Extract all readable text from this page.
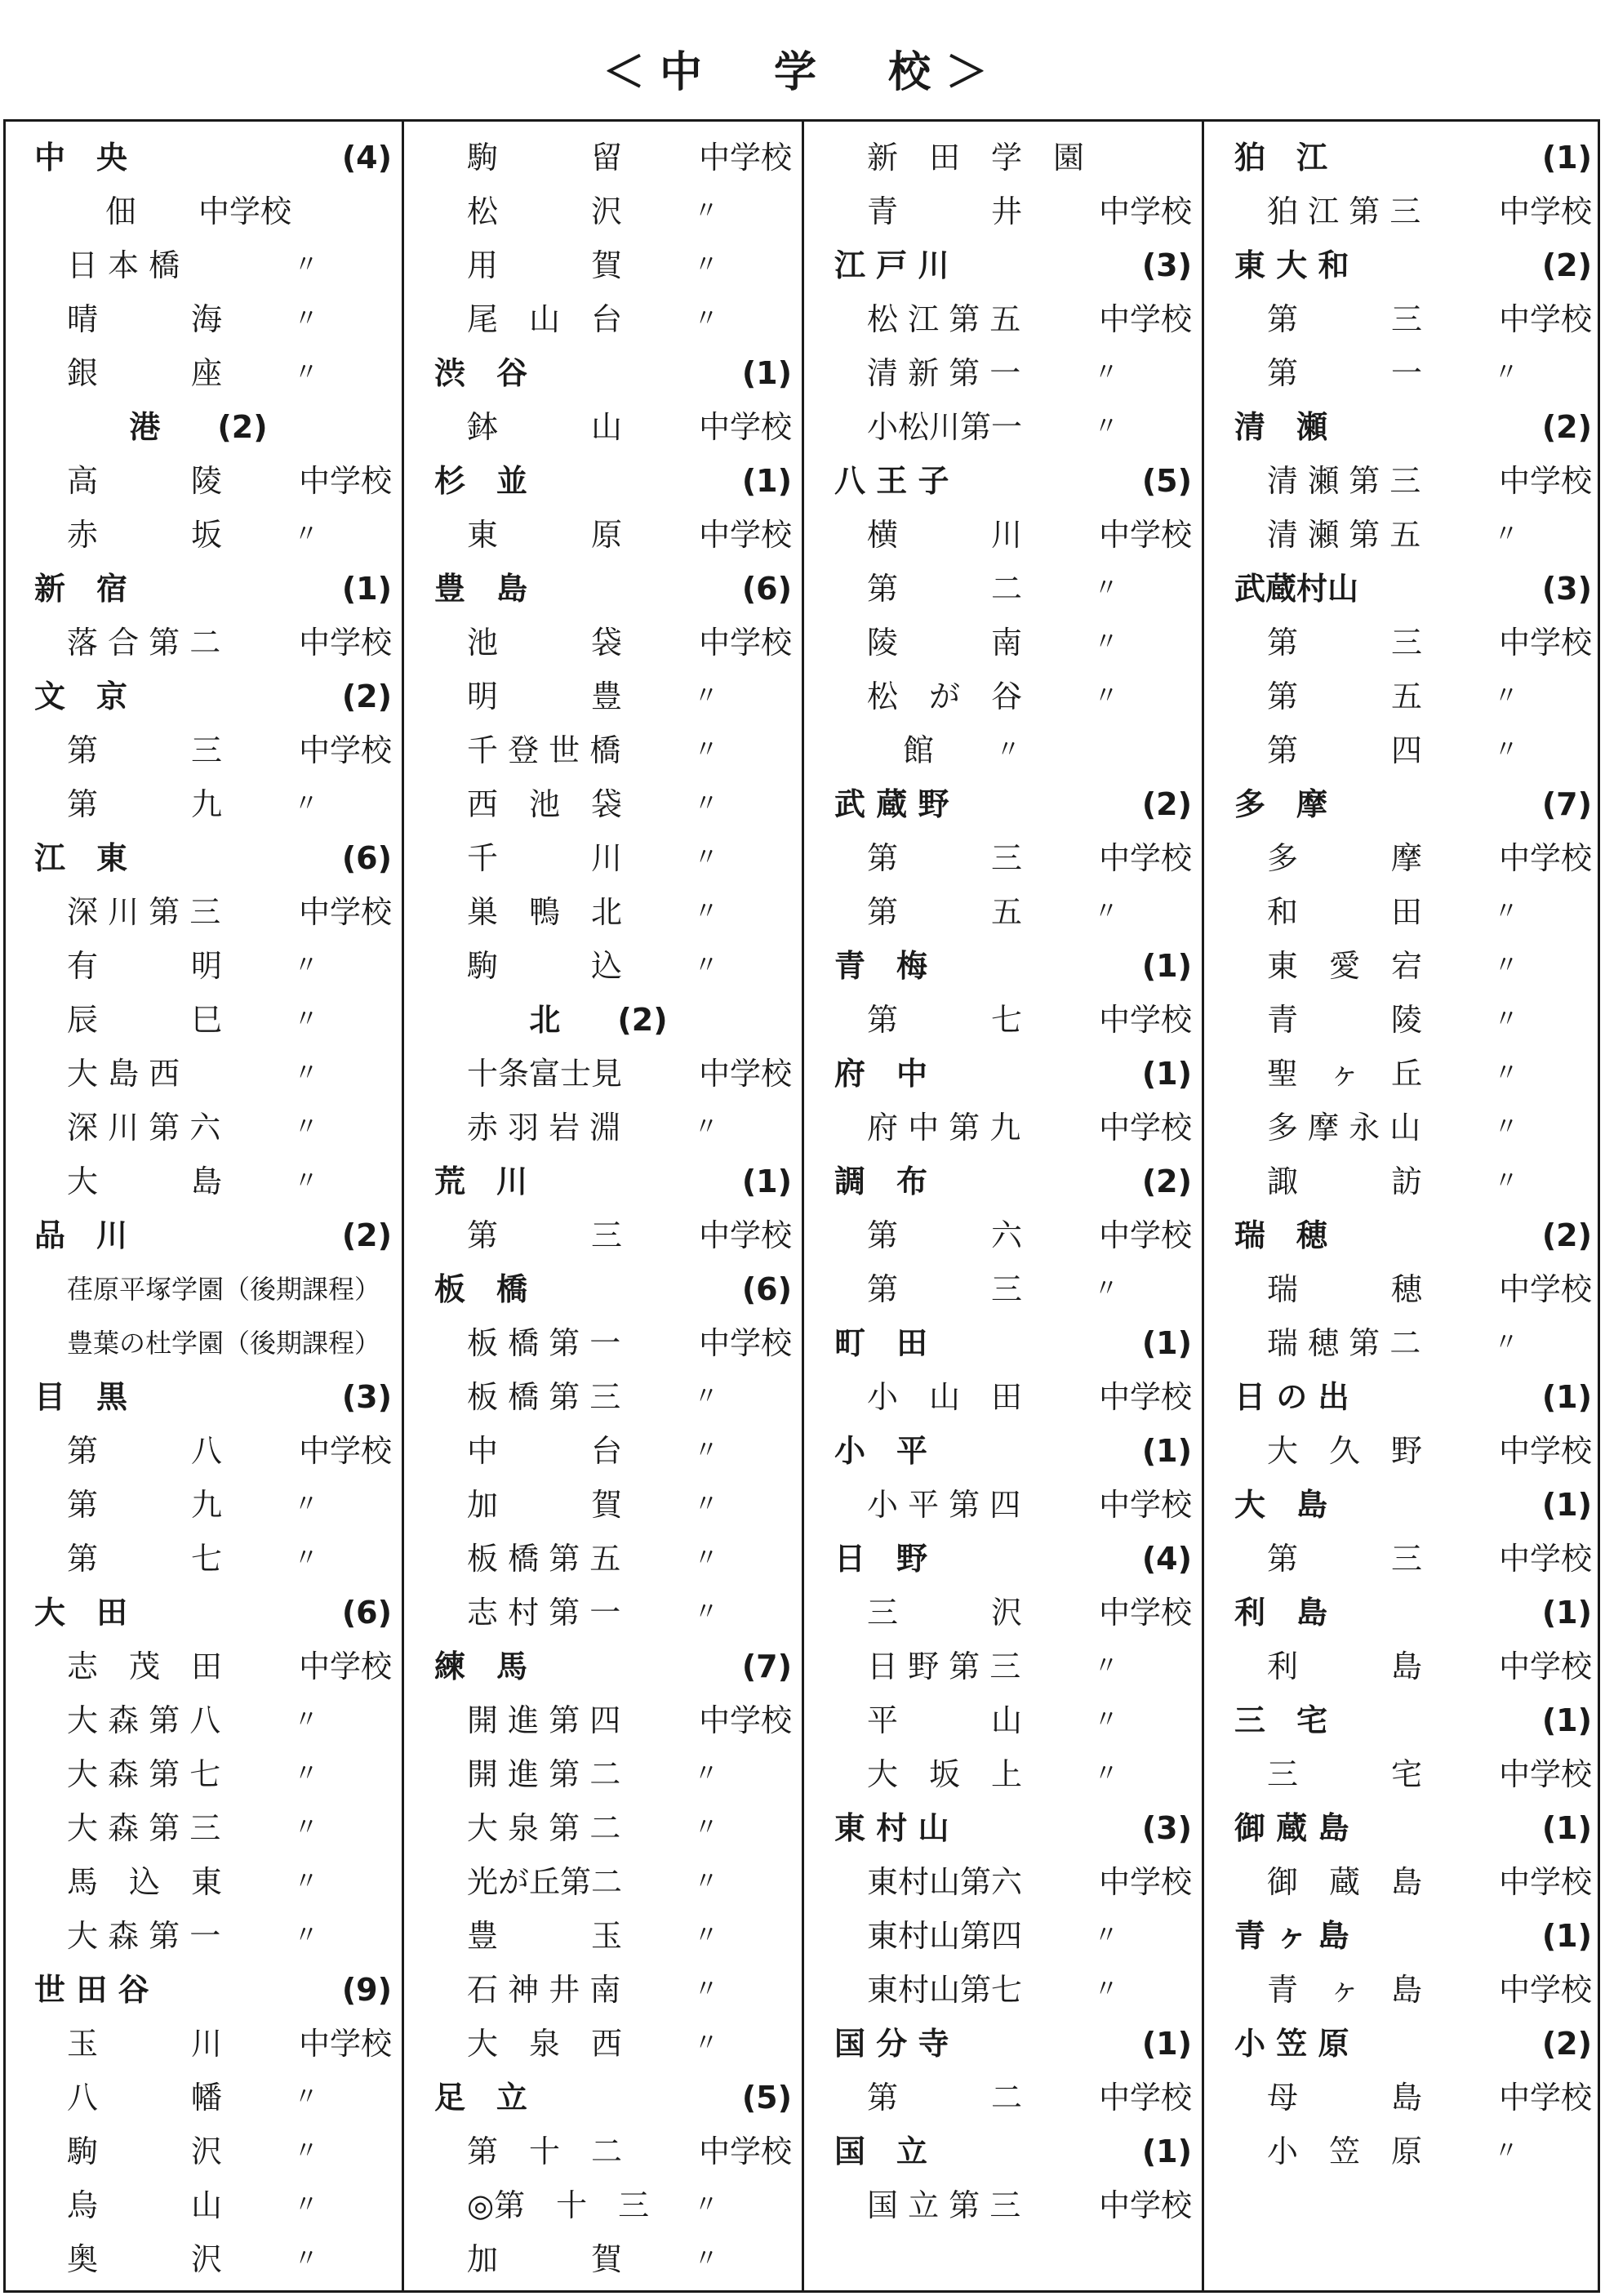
＜中　学　校＞
中　央	(4)
佃 中学校
日 本 橋	〃
晴　　　海	〃
銀　　　座	〃
港 (2)
高　　　陵	中学校
赤　　　坂	〃
新　宿	(1)
落 合 第 二	中学校
文　京	(2)
第　　　三	中学校
第　　　九	〃
江　東	(6)
深 川 第 三	中学校
有　　　明	〃
辰　　　巳	〃
大 島 西	〃
深 川 第 六	〃
大　　　島	〃
品　川	(2)
荏原平塚学園（後期課程）
豊葉の杜学園（後期課程）
目　黒	(3)
第　　　八	中学校
第　　　九	〃
第　　　七	〃
大　田	(6)
志　茂　田	中学校
大 森 第 八	〃
大 森 第 七	〃
大 森 第 三	〃
馬　込　東	〃
大 森 第 一	〃
世 田 谷	(9)
玉　　　川	中学校
八　　　幡	〃
駒　　　沢	〃
烏　　　山	〃
奥　　　沢	〃
駒　　　留	中学校
松　　　沢	〃
用　　　賀	〃
尾　山　台	〃
渋　谷	(1)
鉢　　　山	中学校
杉　並	(1)
東　　　原	中学校
豊　島	(6)
池　　　袋	中学校
明　　　豊	〃
千 登 世 橋	〃
西　池　袋	〃
千　　　川	〃
巣　鴨　北	〃
駒　　　込	〃
北 (2)
十条富士見	中学校
赤 羽 岩 淵	〃
荒　川	(1)
第　　　三	中学校
板　橋	(6)
板 橋 第 一	中学校
板 橋 第 三	〃
中　　　台	〃
加　　　賀	〃
板 橋 第 五	〃
志 村 第 一	〃
練　馬	(7)
開 進 第 四	中学校
開 進 第 二	〃
大 泉 第 二	〃
光が丘第二	〃
豊　　　玉	〃
石 神 井 南	〃
大　泉　西	〃
足　立	(5)
第　十　二	中学校
◎第　十　三	〃
加　　　賀	〃
新　田　学　園
青　　　井	中学校
江 戸 川	(3)
松 江 第 五	中学校
清 新 第 一	〃
小松川第一	〃
八 王 子	(5)
横　　　川	中学校
第　　　二	〃
陵　　　南	〃
松　が　谷	〃
館	〃
武 蔵 野	(2)
第　　　三	中学校
第　　　五	〃
青　梅	(1)
第　　　七	中学校
府　中	(1)
府 中 第 九	中学校
調　布	(2)
第　　　六	中学校
第　　　三	〃
町　田	(1)
小　山　田	中学校
小　平	(1)
小 平 第 四	中学校
日　野	(4)
三　　　沢	中学校
日 野 第 三	〃
平　　　山	〃
大　坂　上	〃
東 村 山	(3)
東村山第六	中学校
東村山第四	〃
東村山第七	〃
国 分 寺	(1)
第　　　二	中学校
国　立	(1)
国 立 第 三	中学校
狛　江	(1)
狛 江 第 三	中学校
東 大 和	(2)
第　　　三	中学校
第　　　一	〃
清　瀬	(2)
清 瀬 第 三	中学校
清 瀬 第 五	〃
武蔵村山	(3)
第　　　三	中学校
第　　　五	〃
第　　　四	〃
多　摩	(7)
多　　　摩	中学校
和　　　田	〃
東　愛　宕	〃
青　　　陵	〃
聖　ヶ　丘	〃
多 摩 永 山	〃
諏　　　訪	〃
瑞　穂	(2)
瑞　　　穂	中学校
瑞 穂 第 二	〃
日 の 出	(1)
大　久　野	中学校
大　島	(1)
第　　　三	中学校
利　島	(1)
利　　　島	中学校
三　宅	(1)
三　　　宅	中学校
御 蔵 島	(1)
御　蔵　島	中学校
青 ヶ 島	(1)
青　ヶ　島	中学校
小 笠 原	(2)
母　　　島	中学校
小　笠　原	〃
